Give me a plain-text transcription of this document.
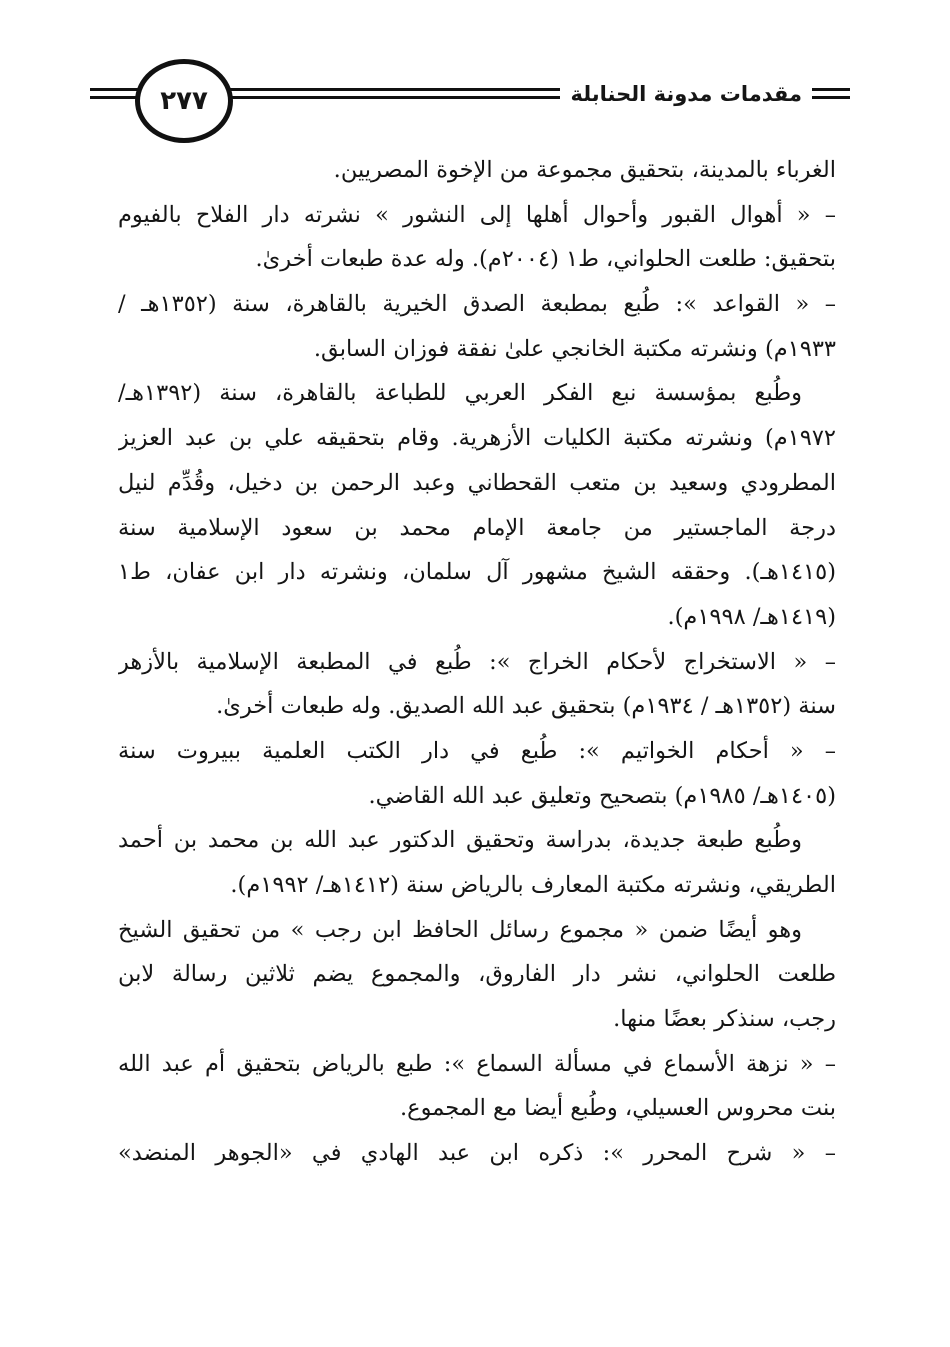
مقدمات مدونة الحنابلة
٢٧٧
الغرباء بالمدينة، بتحقيق مجموعة من الإخوة المصريين.
– « أهوال القبور وأحوال أهلها إلى النشور » نشرته دار الفلاح بالفيوم
بتحقيق: طلعت الحلواني، ط١ (٢٠٠٤م). وله عدة طبعات أخرىٰ.
– « القواعد »: طُبع بمطبعة الصدق الخيرية بالقاهرة، سنة (١٣٥٢هـ /
١٩٣٣م) ونشرته مكتبة الخانجي علىٰ نفقة فوزان السابق.
وطُبع بمؤسسة نبع الفكر العربي للطباعة بالقاهرة، سنة (١٣٩٢هـ/
١٩٧٢م) ونشرته مكتبة الكليات الأزهرية. وقام بتحقيقه علي بن عبد العزيز
المطرودي وسعيد بن متعب القحطاني وعبد الرحمن بن دخيل، وقُدِّم لنيل
درجة الماجستير من جامعة الإمام محمد بن سعود الإسلامية سنة
(١٤١٥هـ). وحققه الشيخ مشهور آل سلمان، ونشرته دار ابن عفان، ط١
(١٤١٩هـ/ ١٩٩٨م).
– « الاستخراج لأحكام الخراج »: طُبع في المطبعة الإسلامية بالأزهر
سنة (١٣٥٢هـ / ١٩٣٤م) بتحقيق عبد الله الصديق. وله طبعات أخرىٰ.
– « أحكام الخواتيم »: طُبع في دار الكتب العلمية ببيروت سنة
(١٤٠٥هـ/ ١٩٨٥م) بتصحيح وتعليق عبد الله القاضي.
وطُبع طبعة جديدة، بدراسة وتحقيق الدكتور عبد الله بن محمد بن أحمد
الطريقي، ونشرته مكتبة المعارف بالرياض سنة (١٤١٢هـ/ ١٩٩٢م).
وهو أيضًا ضمن « مجموع رسائل الحافظ ابن رجب » من تحقيق الشيخ
طلعت الحلواني، نشر دار الفاروق، والمجموع يضم ثلاثين رسالة لابن
رجب، سنذكر بعضًا منها.
– « نزهة الأسماع في مسألة السماع »: طبع بالرياض بتحقيق أم عبد الله
بنت محروس العسيلي، وطُبع أيضا مع المجموع.
– « شرح المحرر »: ذكره ابن عبد الهادي في «الجوهر المنضد»
